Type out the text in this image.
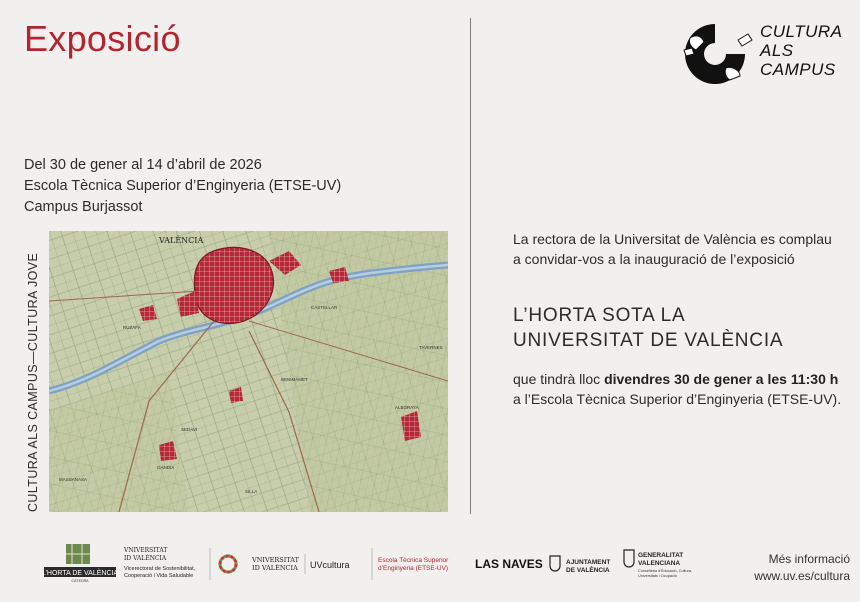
Exposició
Del 30 de gener al 14 d’abril de 2026
Escola Tècnica Superior d’Enginyeria (ETSE-UV)
Campus Burjassot
CULTURA ALS CAMPUS—CULTURA JOVE
VALÈNCIA
RUZAFA
CASTELLAR
BENIMAMET
ALBORAYA
TAVERNES
SEDAVÍ
GANDIA
MASSANASA
SILLA
CULTURA
ALS
CAMPUS
La rectora de la Universitat de València es complau a convidar-vos a la inauguració de l’exposició
L’HORTA SOTA LA
UNIVERSITAT DE VALÈNCIA
que tindrà lloc divendres 30 de gener a les 11:30 h a l’Escola Tècnica Superior d’Enginyeria (ETSE-UV).
L’HORTA DE VALÈNCIA
CÀTEDRA
VNIVERSITAT
ID VALÈNCIA
Vicerectorat de Sostenibilitat,
Cooperació i Vida Saludable
VNIVERSITAT
ID VALÈNCIA UVcultura	Escola Tècnica Superior
d’Enginyeria (ETSE-UV) LAS NAVES	AJUNTAMENT
DE VALÈNCIA
GENERALITAT
VALENCIANA
Conselleria d’Educació, Cultura,
Universitats i Ocupació
Més informació
www.uv.es/cultura
